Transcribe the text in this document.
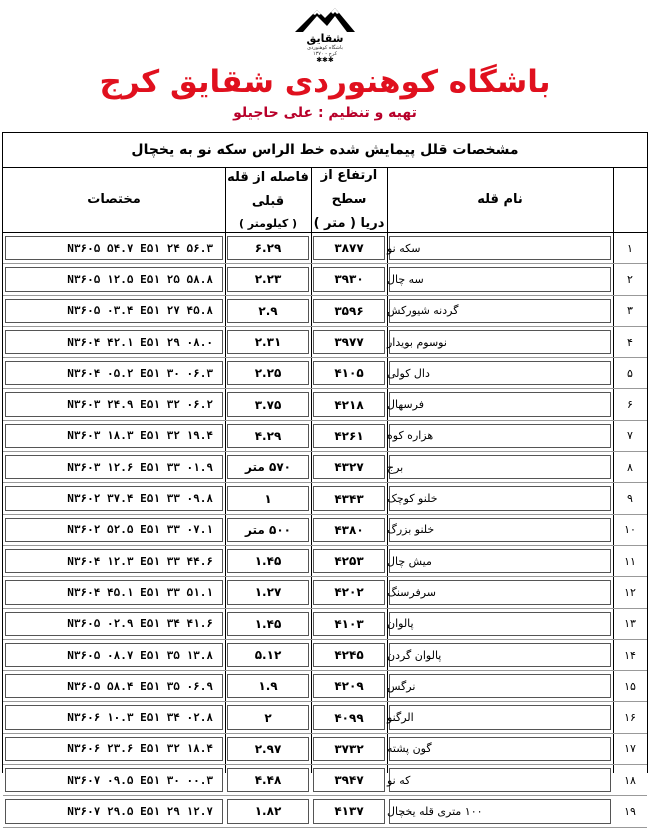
شقایق
باشگاه کوهنوردی
کرج - ۱۳۷۰
✱✱✱
باشگاه کوهنوردی شقایق کرج
تهیه و تنظیم : علی حاجیلو
مشخصات قلل پیمایش شده خط الراس سکه نو به یخچال
مختصات
فاصله از قله قبلی
( کیلومتر )
ارتفاع از سطح
دریا ( متر )
نام قله
N۳۶۰۵ ۵۴.۷ E۵۱ ۲۴ ۵۶.۳	۶.۲۹	۳۸۷۷ سکه نو	۱
N۳۶۰۵ ۱۲.۵ E۵۱ ۲۵ ۵۸.۸	۲.۲۳	۳۹۳۰ سه چال	۲
N۳۶۰۵ ۰۳.۴ E۵۱ ۲۷ ۴۵.۸	۲.۹	۳۵۹۶ گردنه شیورکش	۳
N۳۶۰۴ ۴۲.۱ E۵۱ ۲۹ ۰۸.۰	۲.۳۱	۳۹۷۷ نوسوم بویدار	۴
N۳۶۰۴ ۰۵.۲ E۵۱ ۳۰ ۰۶.۳	۲.۲۵	۴۱۰۵ دال کولی	۵
N۳۶۰۳ ۲۴.۹ E۵۱ ۳۲ ۰۶.۲	۳.۷۵	۴۲۱۸ فرسهال	۶
N۳۶۰۳ ۱۸.۳ E۵۱ ۳۲ ۱۹.۴	۴.۲۹	۴۲۶۱ هزاره کوه	۷
N۳۶۰۳ ۱۲.۶ E۵۱ ۳۳ ۰۱.۹	۵۷۰ متر	۴۳۲۷ برج	۸
N۳۶۰۲ ۳۷.۴ E۵۱ ۳۳ ۰۹.۸	۱	۴۳۴۳ خلنو کوچک	۹
N۳۶۰۲ ۵۲.۵ E۵۱ ۳۳ ۰۷.۱	۵۰۰ متر	۴۳۸۰ خلنو بزرگ	۱۰
N۳۶۰۴ ۱۲.۳ E۵۱ ۳۳ ۴۴.۶	۱.۴۵	۴۲۵۳ میش چال	۱۱
N۳۶۰۴ ۴۵.۱ E۵۱ ۳۳ ۵۱.۱	۱.۲۷	۴۲۰۲ سرفرسنگ	۱۲
N۳۶۰۵ ۰۲.۹ E۵۱ ۳۴ ۴۱.۶	۱.۴۵	۴۱۰۳ پالوان	۱۳
N۳۶۰۵ ۰۸.۷ E۵۱ ۳۵ ۱۳.۸	۵.۱۲	۴۲۴۵ پالوان گردن	۱۴
N۳۶۰۵ ۵۸.۴ E۵۱ ۳۵ ۰۶.۹	۱.۹	۴۲۰۹ نرگس	۱۵
N۳۶۰۶ ۱۰.۳ E۵۱ ۳۴ ۰۲.۸	۲	۴۰۹۹ الرگنو	۱۶
N۳۶۰۶ ۲۳.۶ E۵۱ ۳۲ ۱۸.۴	۲.۹۷	۳۷۳۲ گون پشته	۱۷
N۳۶۰۷ ۰۹.۵ E۵۱ ۳۰ ۰۰.۳	۴.۴۸	۳۹۴۷ که نو	۱۸
N۳۶۰۷ ۲۹.۵ E۵۱ ۲۹ ۱۲.۷	۱.۸۲	۴۱۳۷ ۱۰۰ متری قله یخچال	۱۹
